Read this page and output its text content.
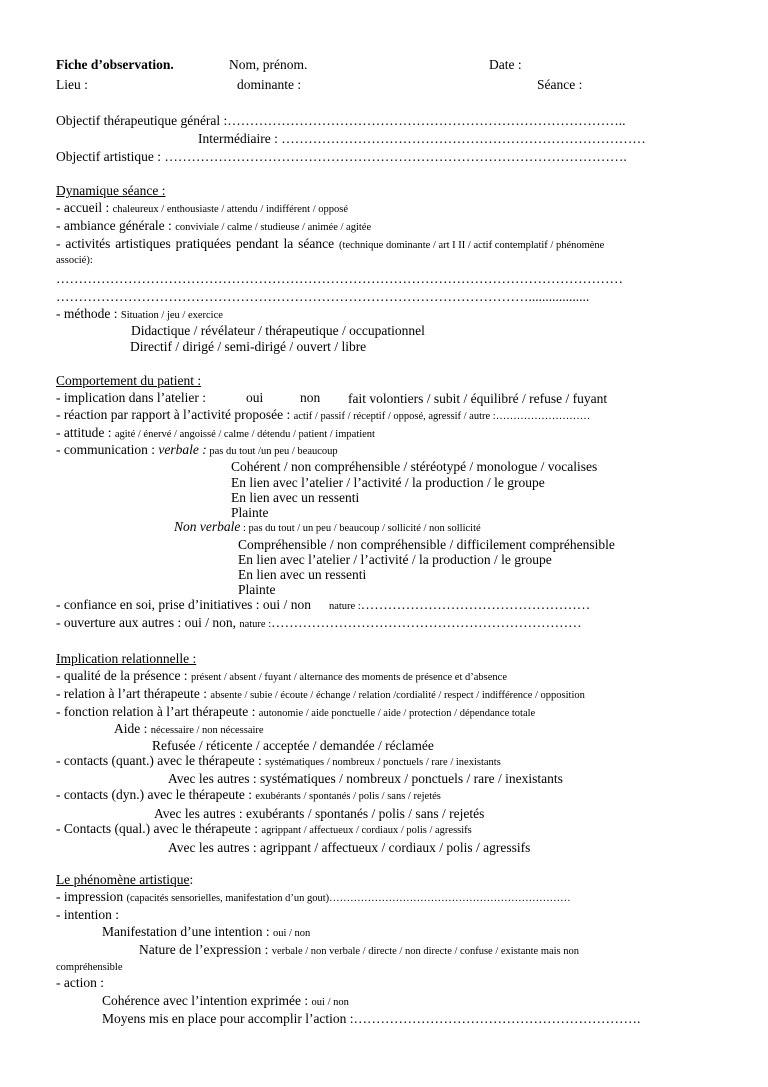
Fiche d’observation.	Nom, prénom.	Date :
Lieu :	dominante :	Séance :
Objectif thérapeutique général :……………………………………………………………………………..
Intermédiaire : ………………………………………………………………………
Objectif artistique : ………………………………………………………………………………………….
Dynamique séance :
- accueil : chaleureux / enthousiaste / attendu / indifférent / opposé
- ambiance générale : conviviale / calme / studieuse / animée / agitée
- activités artistiques pratiquées pendant la séance (technique dominante / art I II / actif contemplatif / phénomène
associé):
………………………………………………………………………………………………………………
……………………………………………………………………………………………..................
- méthode : Situation / jeu / exercice
Didactique / révélateur / thérapeutique / occupationnel
Directif / dirigé / semi-dirigé / ouvert / libre
Comportement du patient :
- implication dans l’atelier :	oui	non fait volontiers / subit / équilibré / refuse / fuyant
- réaction par rapport à l’activité proposée : actif / passif / réceptif / opposé, agressif / autre :………………………
- attitude : agité / énervé / angoissé / calme / détendu / patient / impatient
- communication : verbale : pas du tout /un peu / beaucoup
Cohérent / non compréhensible / stéréotypé / monologue / vocalises
En lien avec l’atelier / l’activité / la production / le groupe
En lien avec un ressenti
Plainte
Non verbale : pas du tout / un peu / beaucoup / sollicité / non sollicité
Compréhensible / non compréhensible / difficilement compréhensible
En lien avec l’atelier / l’activité / la production / le groupe
En lien avec un ressenti
Plainte
- confiance en soi, prise d’initiatives : oui / non nature :……………………………………………
- ouverture aux autres : oui / non, nature :……………………………………………………………
Implication relationnelle :
- qualité de la présence : présent / absent / fuyant / alternance des moments de présence et d’absence
- relation à l’art thérapeute : absente / subie / écoute / échange / relation /cordialité / respect / indifférence / opposition
- fonction relation à l’art thérapeute : autonomie / aide ponctuelle / aide / protection / dépendance totale
Aide : nécessaire / non nécessaire
Refusée / réticente / acceptée / demandée / réclamée
- contacts (quant.) avec le thérapeute : systématiques / nombreux / ponctuels / rare / inexistants
Avec les autres : systématiques / nombreux / ponctuels / rare / inexistants
- contacts (dyn.) avec le thérapeute : exubérants / spontanés / polis / sans / rejetés
Avec les autres : exubérants / spontanés / polis / sans / rejetés
- Contacts (qual.) avec le thérapeute : agrippant / affectueux / cordiaux / polis / agressifs
Avec les autres : agrippant / affectueux / cordiaux / polis / agressifs
Le phénomène artistique:
- impression (capacités sensorielles, manifestation d’un gout)……………………………………………………………
- intention :
Manifestation d’une intention : oui / non
Nature de l’expression : verbale / non verbale / directe / non directe / confuse / existante mais non
compréhensible
- action :
Cohérence avec l’intention exprimée : oui / non
Moyens mis en place pour accomplir l’action :……………………………………………………….
